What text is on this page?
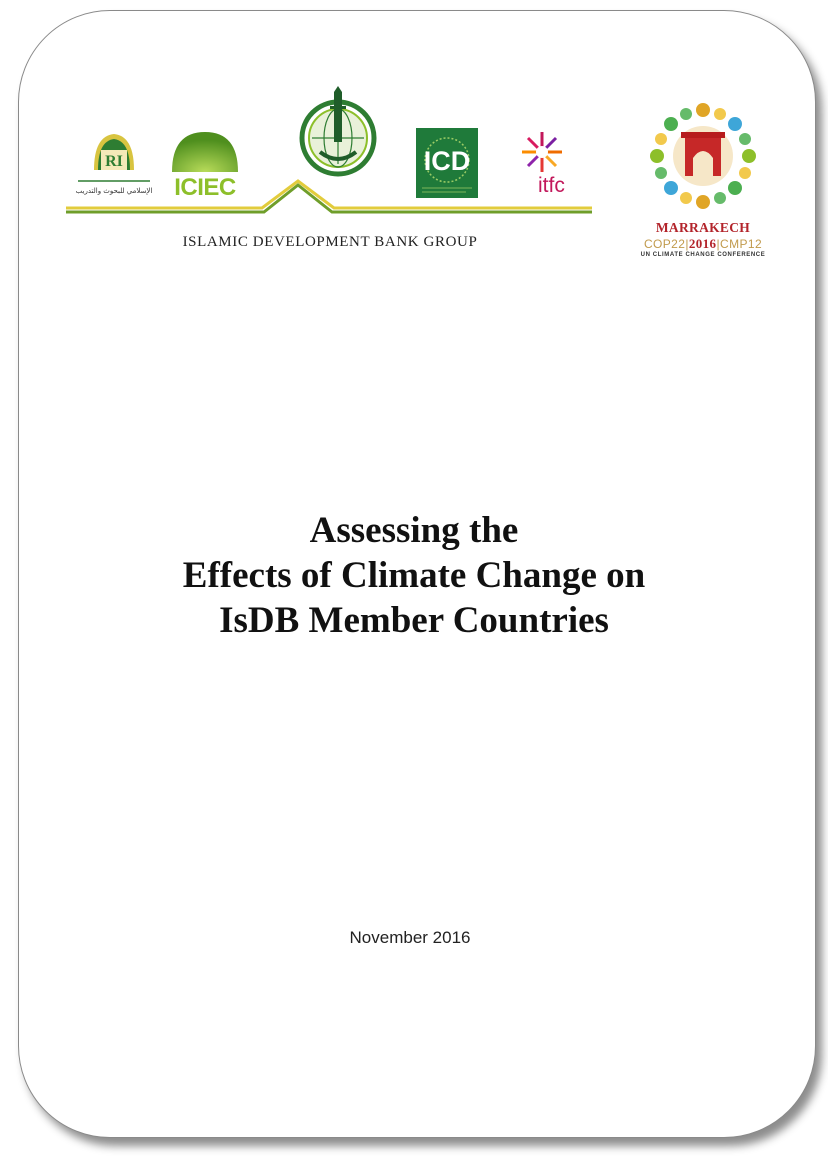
RI
الإسلامي للبحوث والتدريب ICIEC
ICD
itfc
ISLAMIC DEVELOPMENT BANK GROUP
MARRAKECH
COP22|2016|CMP12
UN CLIMATE CHANGE CONFERENCE
Assessing the
Effects of Climate Change on
IsDB Member Countries
November 2016
